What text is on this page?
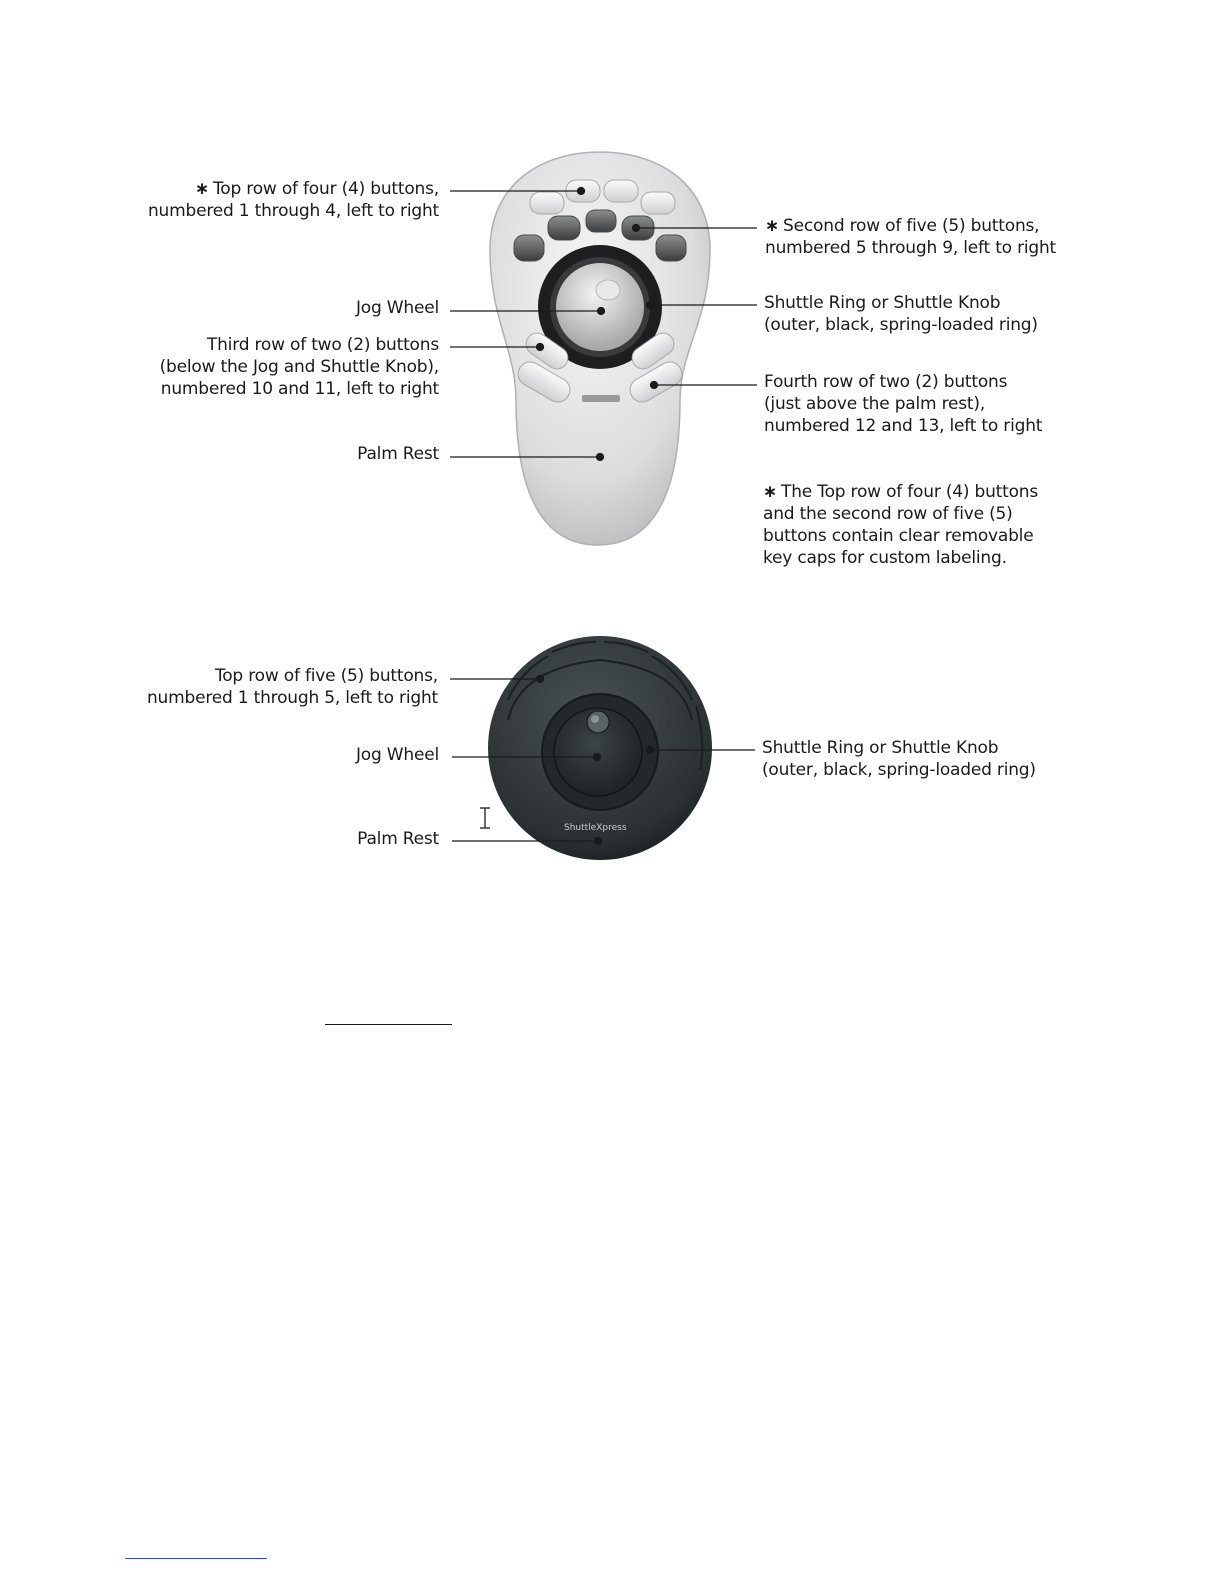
ShuttleXpress
∗ Top row of four (4) buttons,
numbered 1 through 4, left to right
∗ Second row of five (5) buttons,
numbered 5 through 9, left to right
Jog Wheel	Shuttle Ring or Shuttle Knob
(outer, black, spring-loaded ring)
Third row of two (2) buttons
(below the Jog and Shuttle Knob),
numbered 10 and 11, left to right	Fourth row of two (2) buttons
(just above the palm rest),
numbered 12 and 13, left to right
Palm Rest
∗ The Top row of four (4) buttons
and the second row of five (5)
buttons contain clear removable
key caps for custom labeling.
Top row of five (5) buttons,
numbered 1 through 5, left to right
Jog Wheel	Shuttle Ring or Shuttle Knob
(outer, black, spring-loaded ring)
Palm Rest
